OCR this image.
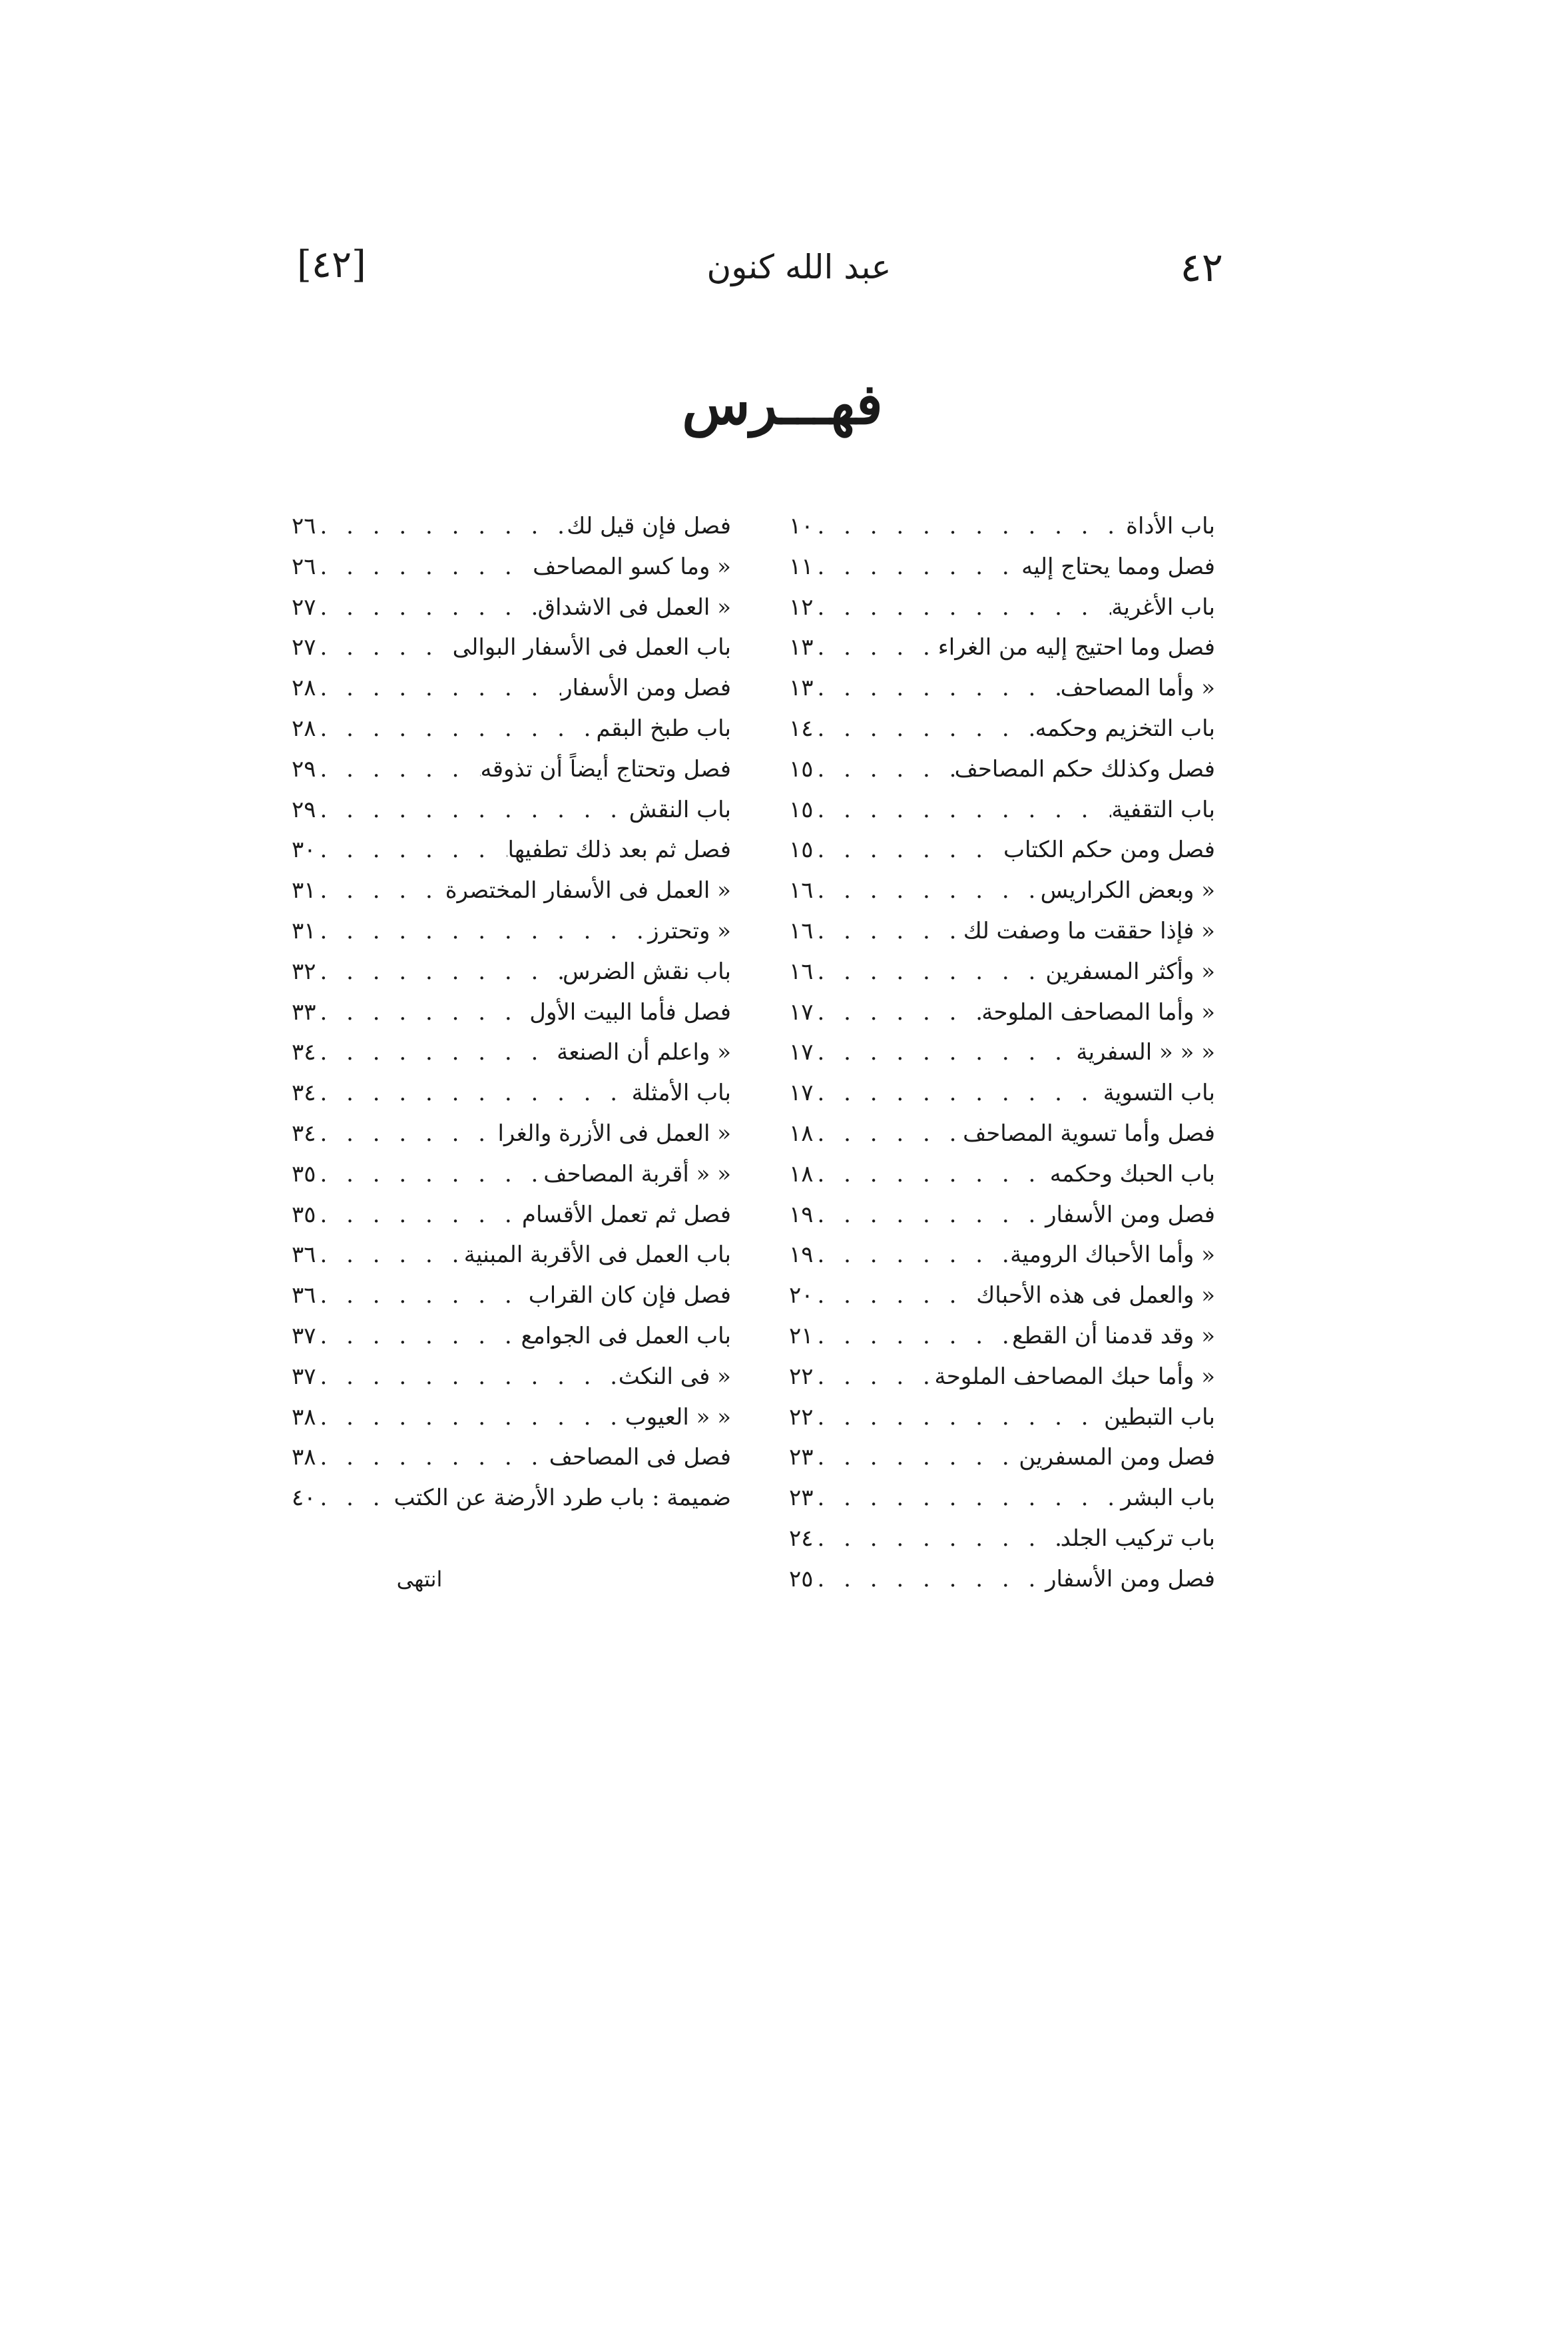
٤٢
عبد الله كنون
[٤٢]
فهـــرس
باب الأداة
. . .
١٠
فصل ومما يحتاج إليه
. . .
١١
باب الأغرية
. . .
١٢
فصل وما احتيج إليه من الغراء
. . .
١٣
« وأما المصاحف
. . .
١٣
باب التخزيم وحكمه
. . .
١٤
فصل وكذلك حكم المصاحف
. . .
١٥
باب التقفية
. . .
١٥
فصل ومن حكم الكتاب
. . .
١٥
« وبعض الكراريس
. . .
١٦
« فإذا حققت ما وصفت لك
. . .
١٦
« وأكثر المسفرين
. . .
١٦
« وأما المصاحف الملوحة
. . .
١٧
« « « السفرية
. . .
١٧
باب التسوية
. . .
١٧
فصل وأما تسوية المصاحف
. . .
١٨
باب الحبك وحكمه
. . .
١٨
فصل ومن الأسفار
. . .
١٩
« وأما الأحباك الرومية
. . .
١٩
« والعمل فى هذه الأحباك
. . .
٢٠
« وقد قدمنا أن القطع
. . .
٢١
« وأما حبك المصاحف الملوحة
. . .
٢٢
باب التبطين
. . .
٢٢
فصل ومن المسفرين
. . .
٢٣
باب البشر
. . .
٢٣
باب تركيب الجلد
. . .
٢٤
فصل ومن الأسفار
. . .
٢٥
فصل فإن قيل لك
. . .
٢٦
« وما كسو المصاحف
. . .
٢٦
« العمل فى الاشداق
. . .
٢٧
باب العمل فى الأسفار البوالى
. . .
٢٧
فصل ومن الأسفار
. . .
٢٨
باب طبخ البقم
. . .
٢٨
فصل وتحتاج أيضاً أن تذوقه
. . .
٢٩
باب النقش
. . .
٢٩
فصل ثم بعد ذلك تطفيها
. . .
٣٠
« العمل فى الأسفار المختصرة
. . .
٣١
« وتحترز
. . .
٣١
باب نقش الضرس
. . .
٣٢
فصل فأما البيت الأول
. . .
٣٣
« واعلم أن الصنعة
. . .
٣٤
باب الأمثلة
. . .
٣٤
« العمل فى الأزرة والغرا
. . .
٣٤
« « أقربة المصاحف
. . .
٣٥
فصل ثم تعمل الأقسام
. . .
٣٥
باب العمل فى الأقربة المبنية
. . .
٣٦
فصل فإن كان القراب
. . .
٣٦
باب العمل فى الجوامع
. . .
٣٧
« فى النكث
. . .
٣٧
« « العيوب
. . .
٣٨
فصل فى المصاحف
. . .
٣٨
ضميمة : باب طرد الأرضة عن الكتب
. . .
٤٠
انتهى
